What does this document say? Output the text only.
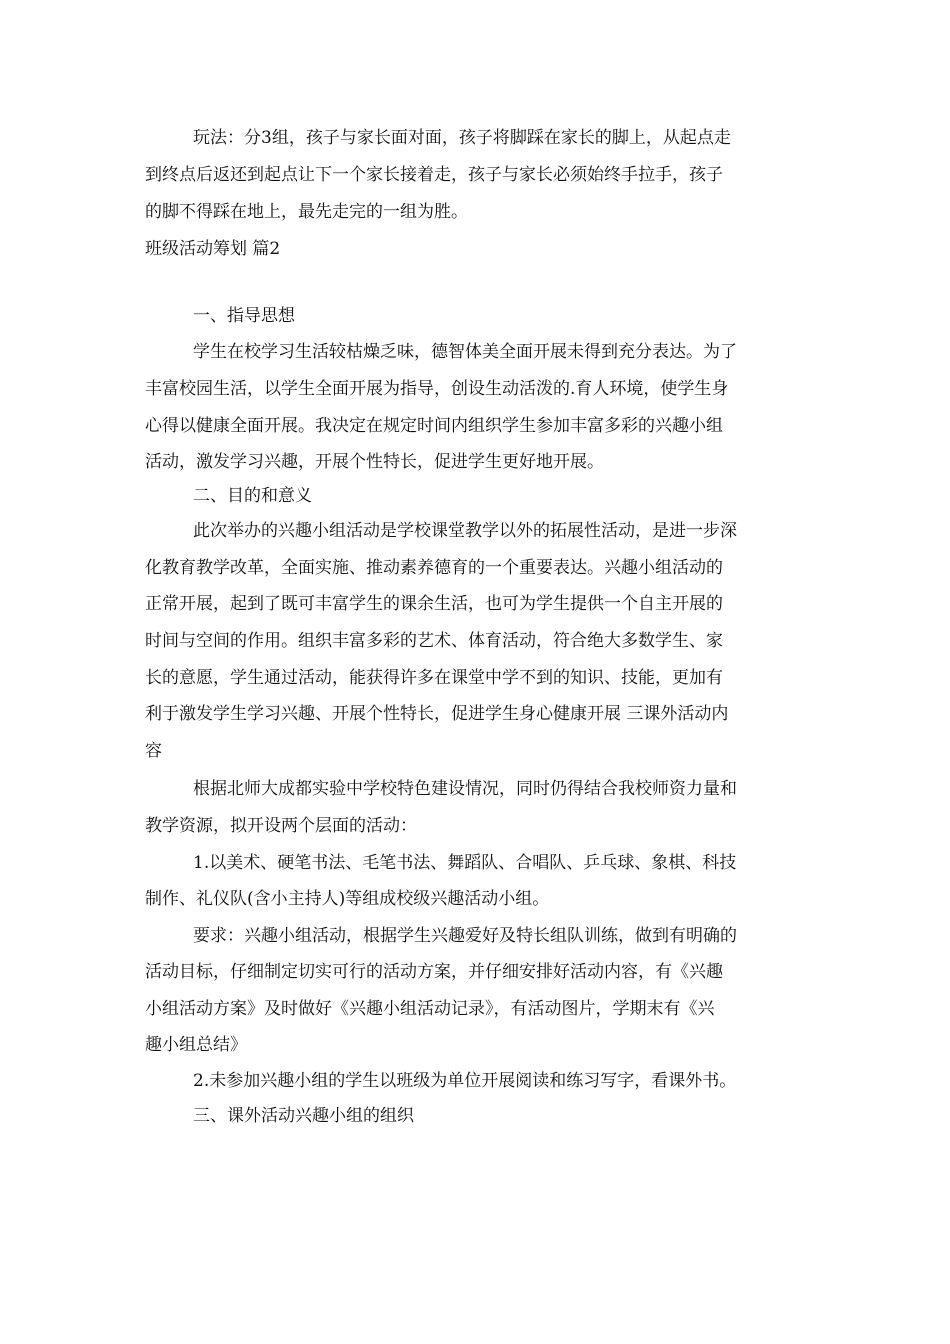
玩法：分3组，孩子与家长面对面，孩子将脚踩在家长的脚上，从起点走
到终点后返还到起点让下一个家长接着走，孩子与家长必须始终手拉手，孩子
的脚不得踩在地上，最先走完的一组为胜。
班级活动筹划 篇2
一、指导思想
学生在校学习生活较枯燥乏味，德智体美全面开展未得到充分表达。为了
丰富校园生活，以学生全面开展为指导，创设生动活泼的.育人环境，使学生身
心得以健康全面开展。我决定在规定时间内组织学生参加丰富多彩的兴趣小组
活动，激发学习兴趣，开展个性特长，促进学生更好地开展。
二、目的和意义
此次举办的兴趣小组活动是学校课堂教学以外的拓展性活动，是进一步深
化教育教学改革，全面实施、推动素养德育的一个重要表达。兴趣小组活动的
正常开展，起到了既可丰富学生的课余生活，也可为学生提供一个自主开展的
时间与空间的作用。组织丰富多彩的艺术、体育活动，符合绝大多数学生、家
长的意愿，学生通过活动，能获得许多在课堂中学不到的知识、技能，更加有
利于激发学生学习兴趣、开展个性特长，促进学生身心健康开展 三课外活动内
容
根据北师大成都实验中学校特色建设情况，同时仍得结合我校师资力量和
教学资源，拟开设两个层面的活动：
1.以美术、硬笔书法、毛笔书法、舞蹈队、合唱队、乒乓球、象棋、科技
制作、礼仪队(含小主持人)等组成校级兴趣活动小组。
要求：兴趣小组活动，根据学生兴趣爱好及特长组队训练，做到有明确的
活动目标，仔细制定切实可行的活动方案，并仔细安排好活动内容，有《兴趣
小组活动方案》及时做好《兴趣小组活动记录》，有活动图片，学期末有《兴
趣小组总结》
2.未参加兴趣小组的学生以班级为单位开展阅读和练习写字，看课外书。
三、课外活动兴趣小组的组织
